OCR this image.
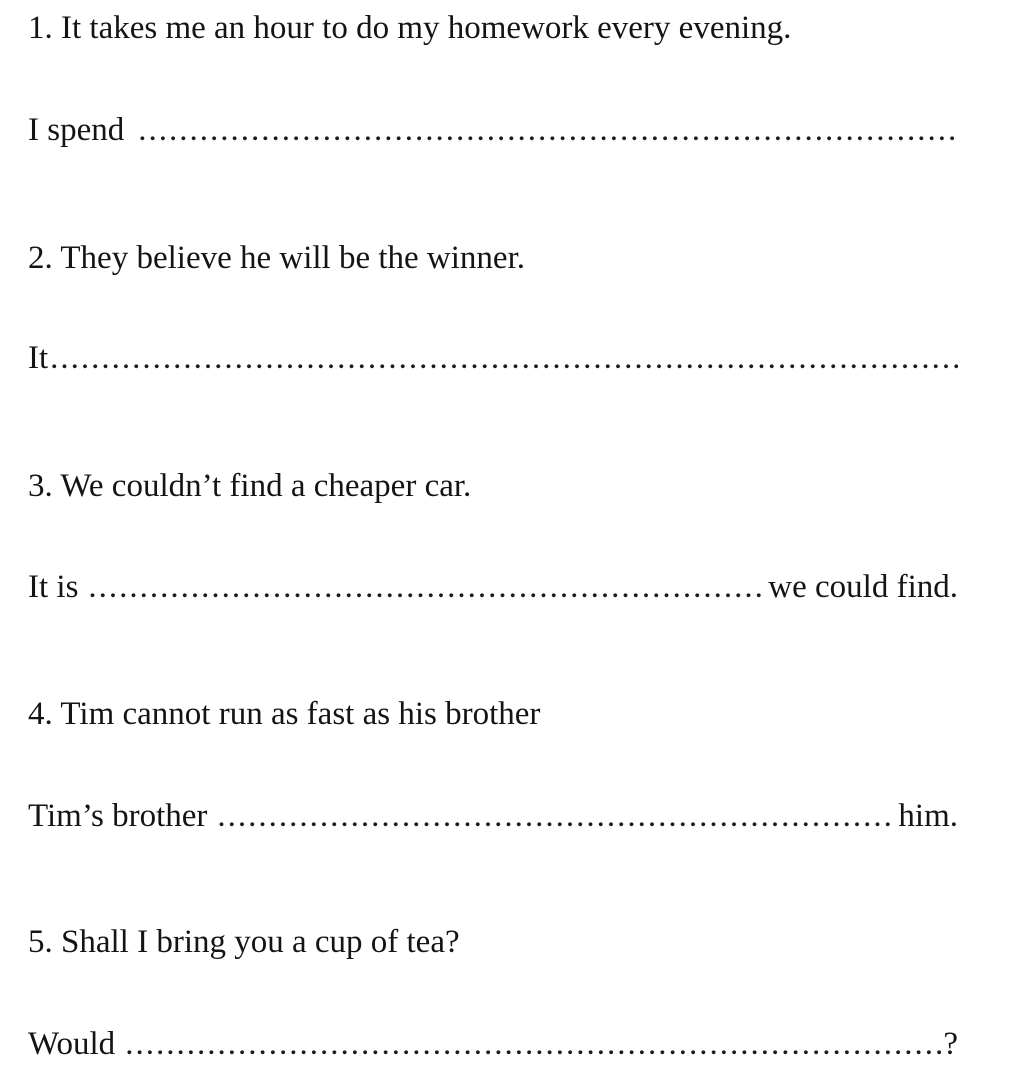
1. It takes me an hour to do my homework every evening.
I spend
.....
2. They believe he will be the winner.
It
.....
3. We couldn’t find a cheaper car.
It is .....	we could find.
4. Tim cannot run as fast as his brother
Tim’s brother .....	him.
5. Shall I bring you a cup of tea?
Would .....	?
